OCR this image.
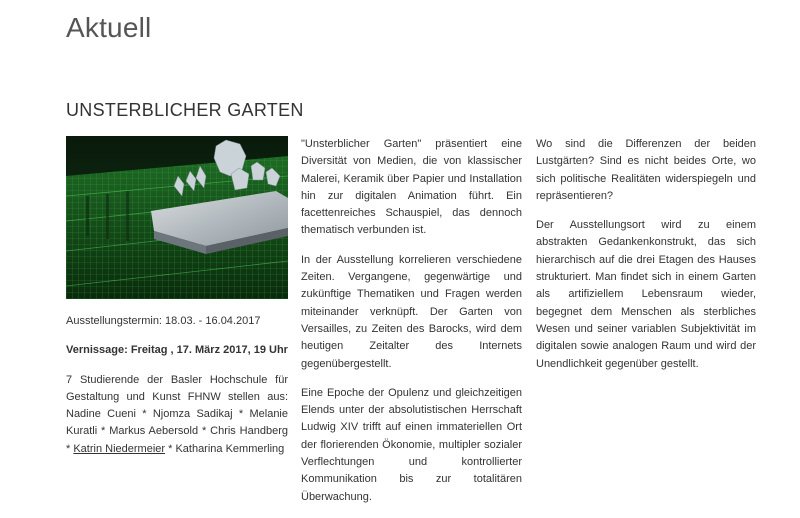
Aktuell
UNSTERBLICHER GARTEN

Ausstellungstermin: 18.03. - 16.04.2017

Vernissage: Freitag , 17. März 2017, 19 Uhr

7 Studierende der Basler Hochschule für Gestaltung und Kunst FHNW stellen aus: Nadine Cueni * Njomza Sadikaj * Melanie Kuratli * Markus Aebersold * Chris Handberg * Katrin Niedermeier * Katharina Kemmerling

"Unsterblicher Garten" präsentiert eine Diversität von Medien, die von klassischer Malerei, Keramik über Papier und Installation hin zur digitalen Animation führt. Ein facettenreiches Schauspiel, das dennoch thematisch verbunden ist.

In der Ausstellung korrelieren verschiedene Zeiten. Vergangene, gegenwärtige und zukünftige Thematiken und Fragen werden miteinander verknüpft. Der Garten von Versailles, zu Zeiten des Barocks, wird dem heutigen Zeitalter des Internets gegenübergestellt.

Eine Epoche der Opulenz und gleichzeitigen Elends unter der absolutistischen Herrschaft Ludwig XIV trifft auf einen immateriellen Ort der florierenden Ökonomie, multipler sozialer Verflechtungen und kontrollierter Kommunikation bis zur totalitären Überwachung.

Wo sind die Differenzen der beiden Lustgärten? Sind es nicht beides Orte, wo sich politische Realitäten widerspiegeln und repräsentieren?

Der Ausstellungsort wird zu einem abstrakten Gedankenkonstrukt, das sich hierarchisch auf die drei Etagen des Hauses strukturiert. Man findet sich in einem Garten als artifiziellem Lebensraum wieder, begegnet dem Menschen als sterbliches Wesen und seiner variablen Subjektivität im digitalen sowie analogen Raum und wird der Unendlichkeit gegenüber gestellt.
